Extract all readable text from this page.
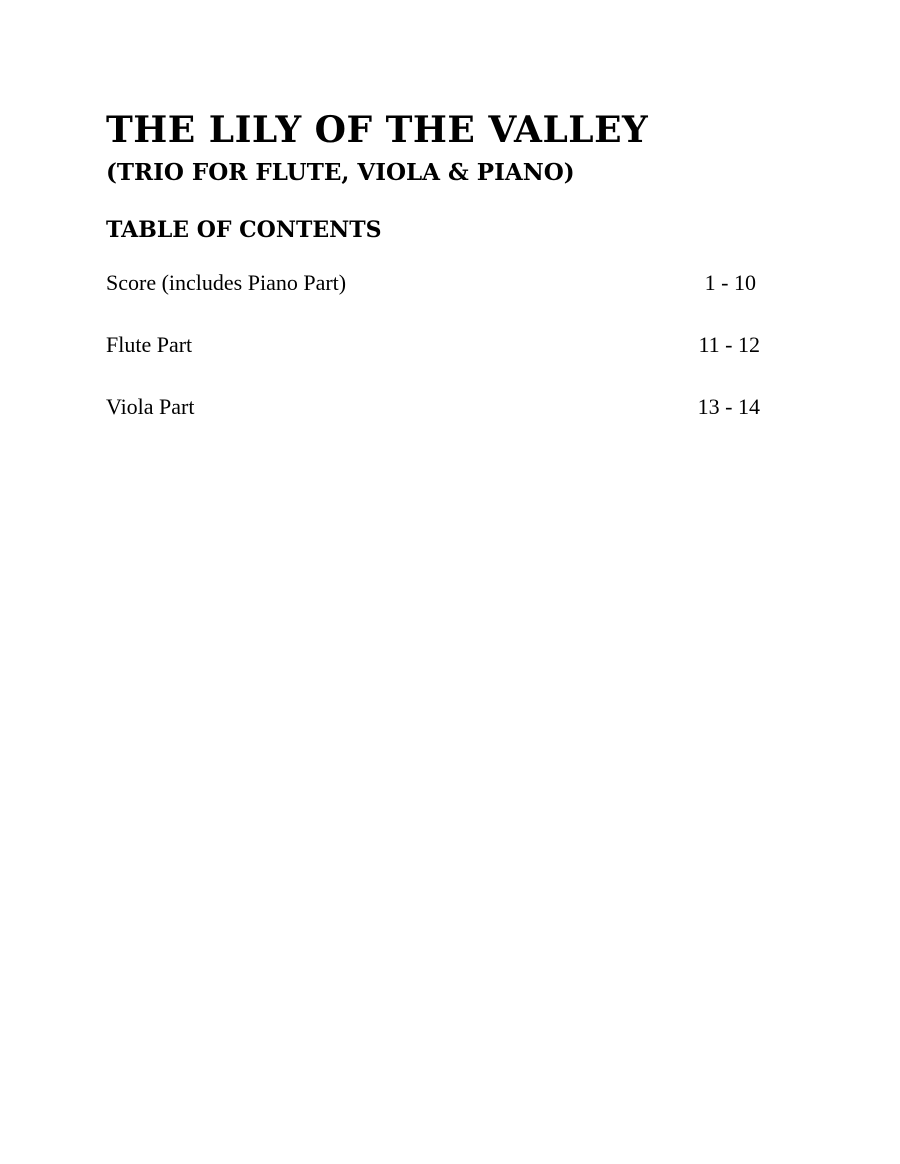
THE LILY OF THE VALLEY
(TRIO FOR FLUTE, VIOLA & PIANO)
TABLE OF CONTENTS
Score (includes Piano Part)	1 - 10
Flute Part	11 - 12
Viola Part	13 - 14
